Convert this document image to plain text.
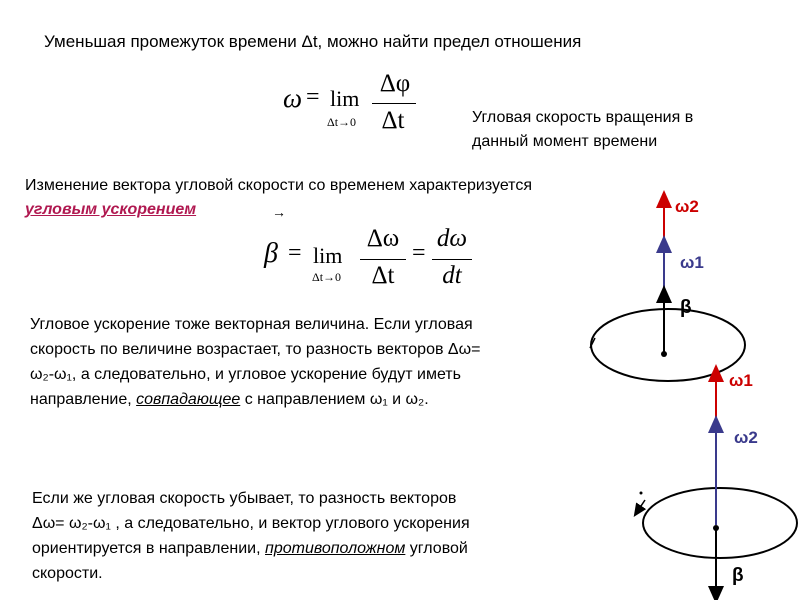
Уменьшая промежуток времени Δt, можно найти предел отношения
ω = lim
Δt→0
Δφ
Δt	Угловая скорость вращения в
данный момент времени
Изменение вектора угловой скорости со временем характеризуется
угловым ускорением	→
β = lim
Δt→0
Δω
Δt
=
dω
dt
Угловое ускорение тоже векторная величина. Если угловая
скорость по величине возрастает, то разность векторов Δω=
ω₂-ω₁, а следовательно, и угловое ускорение будут иметь
направление, совпадающее с направлением ω₁ и ω₂.
Если же угловая скорость убывает, то разность векторов
Δω= ω₂-ω₁ , а следовательно, и вектор углового ускорения
ориентируется в направлении, противоположном угловой
скорости.
ω2
ω1
β
ω1
ω2
β
